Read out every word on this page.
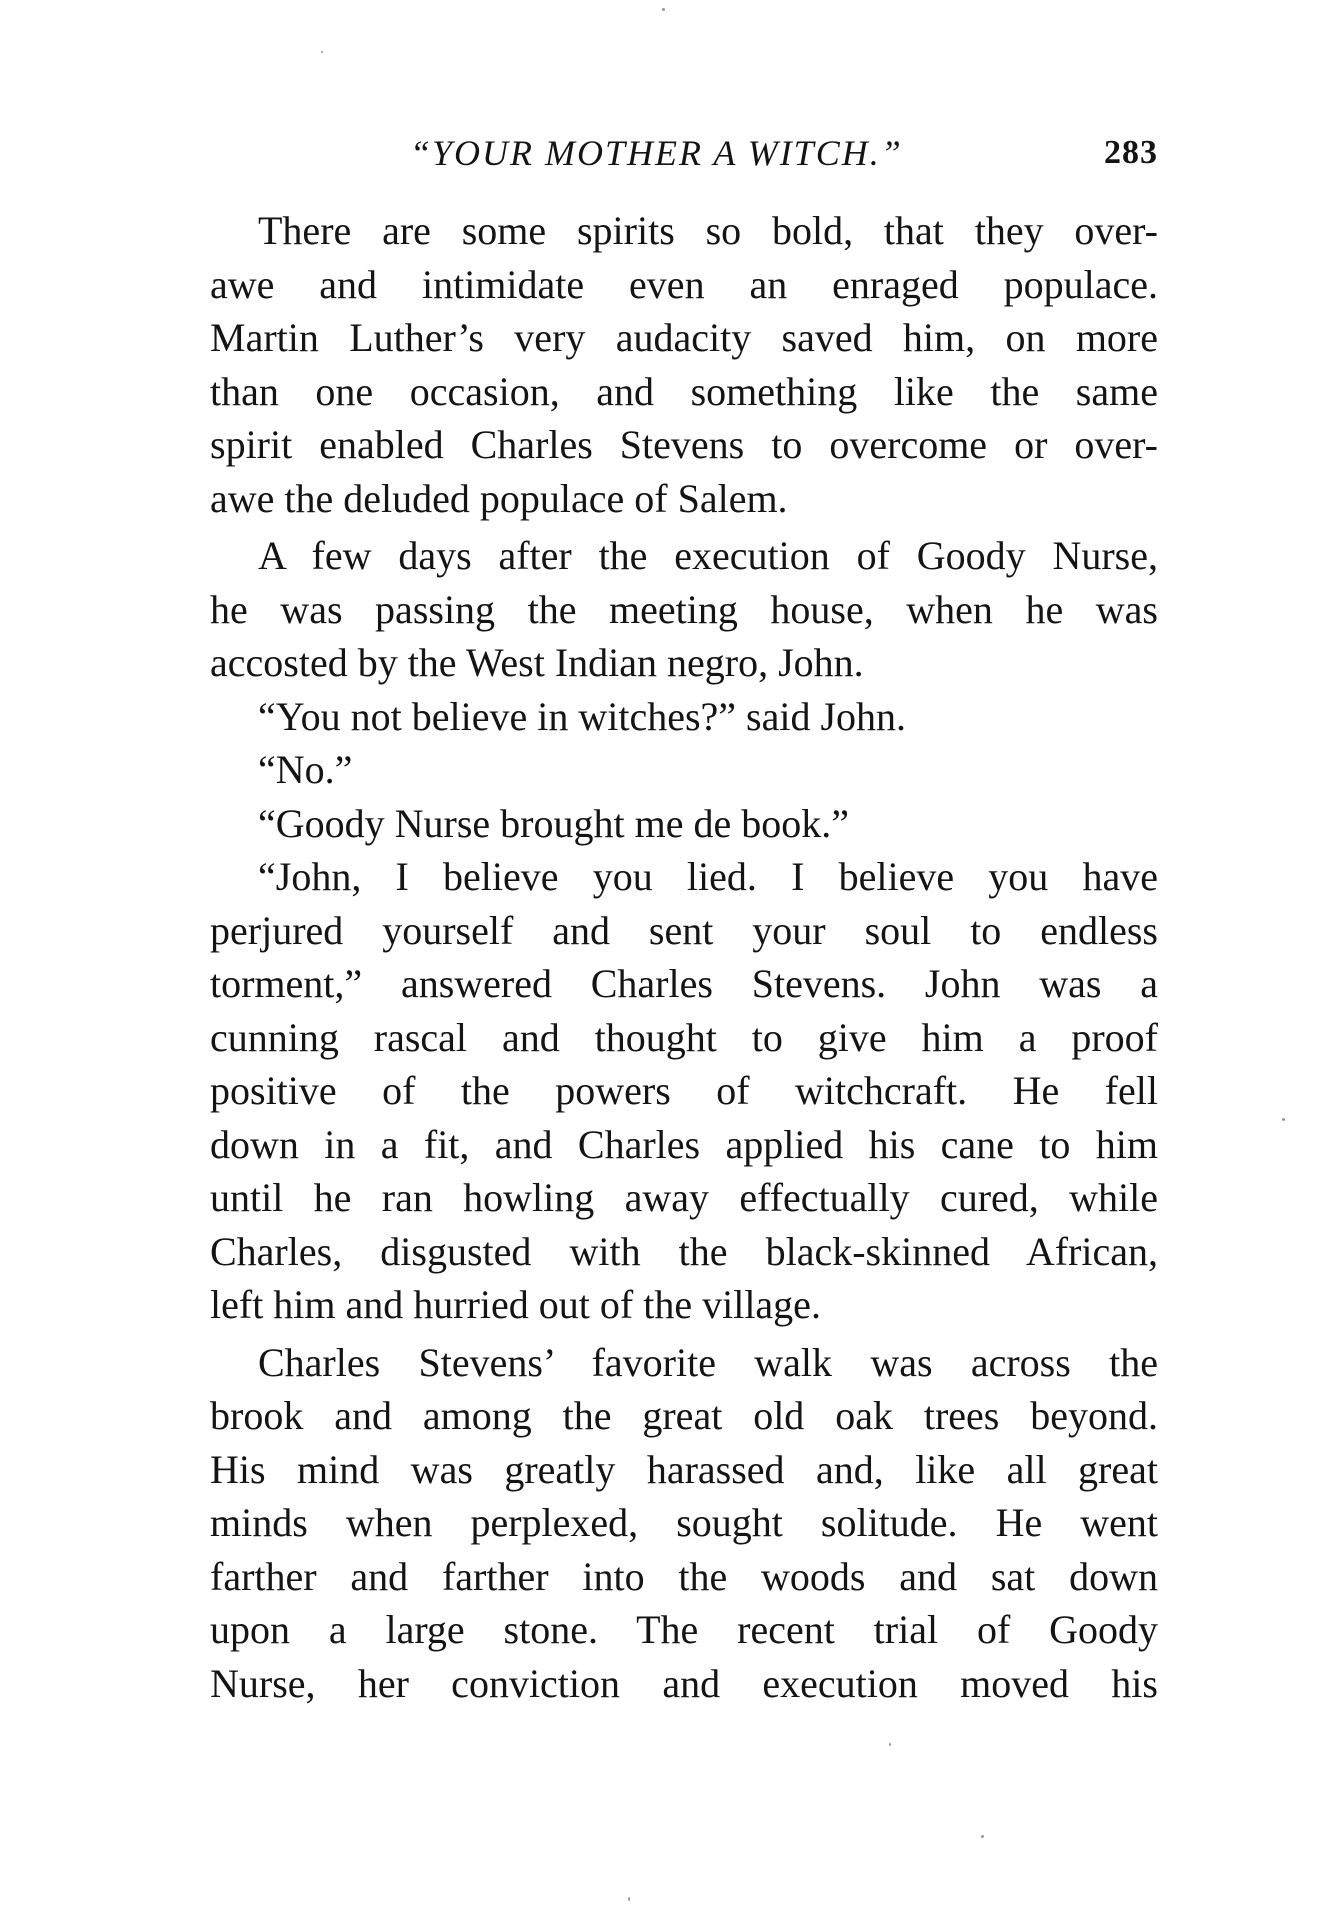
“YOUR MOTHER A WITCH.”	283
There are some spirits so bold, that they over-
awe and intimidate even an enraged populace.
Martin Luther’s very audacity saved him, on more
than one occasion, and something like the same
spirit enabled Charles Stevens to overcome or over-
awe the deluded populace of Salem.
A few days after the execution of Goody Nurse,
he was passing the meeting house, when he was
accosted by the West Indian negro, John.
“You not believe in witches?” said John.
“No.”
“Goody Nurse brought me de book.”
“John, I believe you lied. I believe you have
perjured yourself and sent your soul to endless
torment,” answered Charles Stevens. John was a
cunning rascal and thought to give him a proof
positive of the powers of witchcraft. He fell
down in a fit, and Charles applied his cane to him
until he ran howling away effectually cured, while
Charles, disgusted with the black-skinned African,
left him and hurried out of the village.
Charles Stevens’ favorite walk was across the
brook and among the great old oak trees beyond.
His mind was greatly harassed and, like all great
minds when perplexed, sought solitude. He went
farther and farther into the woods and sat down
upon a large stone. The recent trial of Goody
Nurse, her conviction and execution moved his
